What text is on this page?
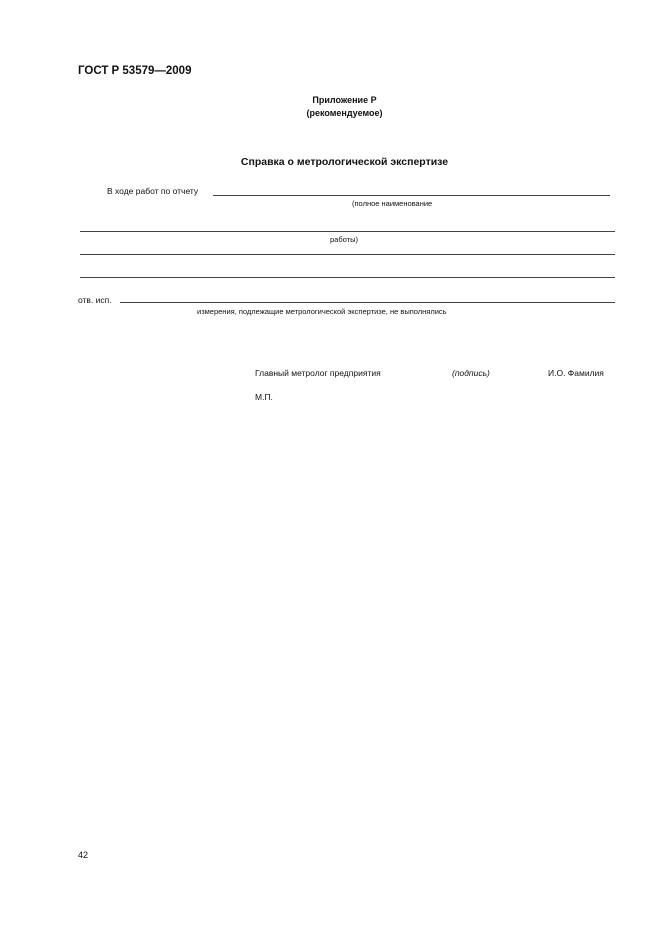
ГОСТ Р 53579—2009
Приложение Р
(рекомендуемое)
Справка о метрологической экспертизе
В ходе работ по отчету
(полное наименование
работы)
отв. исп.
измерения, подлежащие метрологической экспертизе, не выполнялись
Главный метролог предприятия	(подпись)	И.О. Фамилия
М.П.
42
